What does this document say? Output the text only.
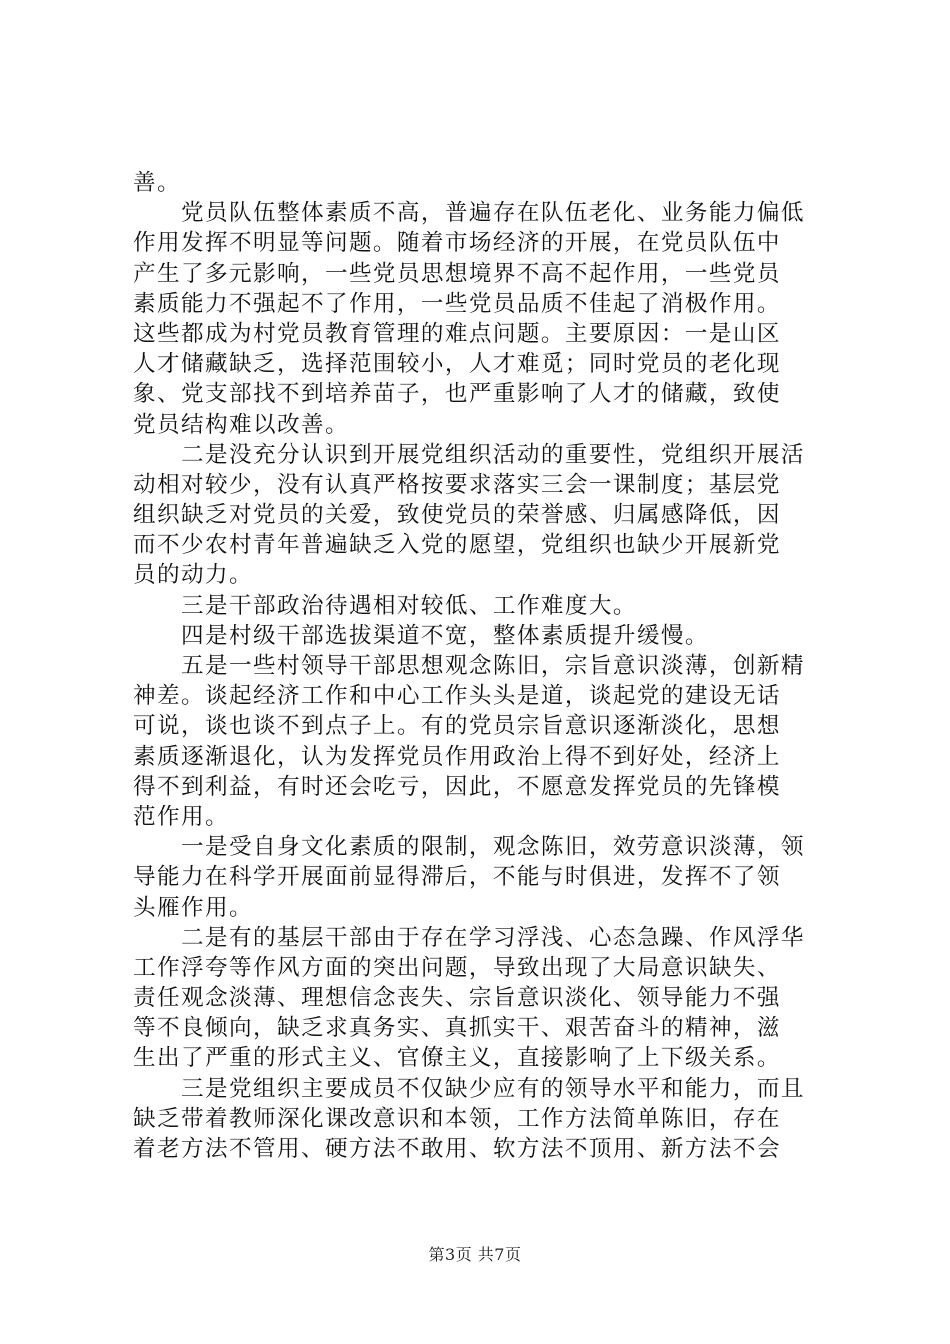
善。
　　党员队伍整体素质不高，普遍存在队伍老化、业务能力偏低
作用发挥不明显等问题。随着市场经济的开展，在党员队伍中
产生了多元影响，一些党员思想境界不高不起作用，一些党员
素质能力不强起不了作用，一些党员品质不佳起了消极作用。
这些都成为村党员教育管理的难点问题。主要原因：一是山区
人才储藏缺乏，选择范围较小，人才难觅；同时党员的老化现
象、党支部找不到培养苗子，也严重影响了人才的储藏，致使
党员结构难以改善。
　　二是没充分认识到开展党组织活动的重要性，党组织开展活
动相对较少，没有认真严格按要求落实三会一课制度；基层党
组织缺乏对党员的关爱，致使党员的荣誉感、归属感降低，因
而不少农村青年普遍缺乏入党的愿望，党组织也缺少开展新党
员的动力。
　　三是干部政治待遇相对较低、工作难度大。
　　四是村级干部选拔渠道不宽，整体素质提升缓慢。
　　五是一些村领导干部思想观念陈旧，宗旨意识淡薄，创新精
神差。谈起经济工作和中心工作头头是道，谈起党的建设无话
可说，谈也谈不到点子上。有的党员宗旨意识逐渐淡化，思想
素质逐渐退化，认为发挥党员作用政治上得不到好处，经济上
得不到利益，有时还会吃亏，因此，不愿意发挥党员的先锋模
范作用。
　　一是受自身文化素质的限制，观念陈旧，效劳意识淡薄，领
导能力在科学开展面前显得滞后，不能与时俱进，发挥不了领
头雁作用。
　　二是有的基层干部由于存在学习浮浅、心态急躁、作风浮华
工作浮夸等作风方面的突出问题，导致出现了大局意识缺失、
责任观念淡薄、理想信念丧失、宗旨意识淡化、领导能力不强
等不良倾向，缺乏求真务实、真抓实干、艰苦奋斗的精神，滋
生出了严重的形式主义、官僚主义，直接影响了上下级关系。
　　三是党组织主要成员不仅缺少应有的领导水平和能力，而且
缺乏带着教师深化课改意识和本领，工作方法简单陈旧，存在
着老方法不管用、硬方法不敢用、软方法不顶用、新方法不会
第3页 共7页
